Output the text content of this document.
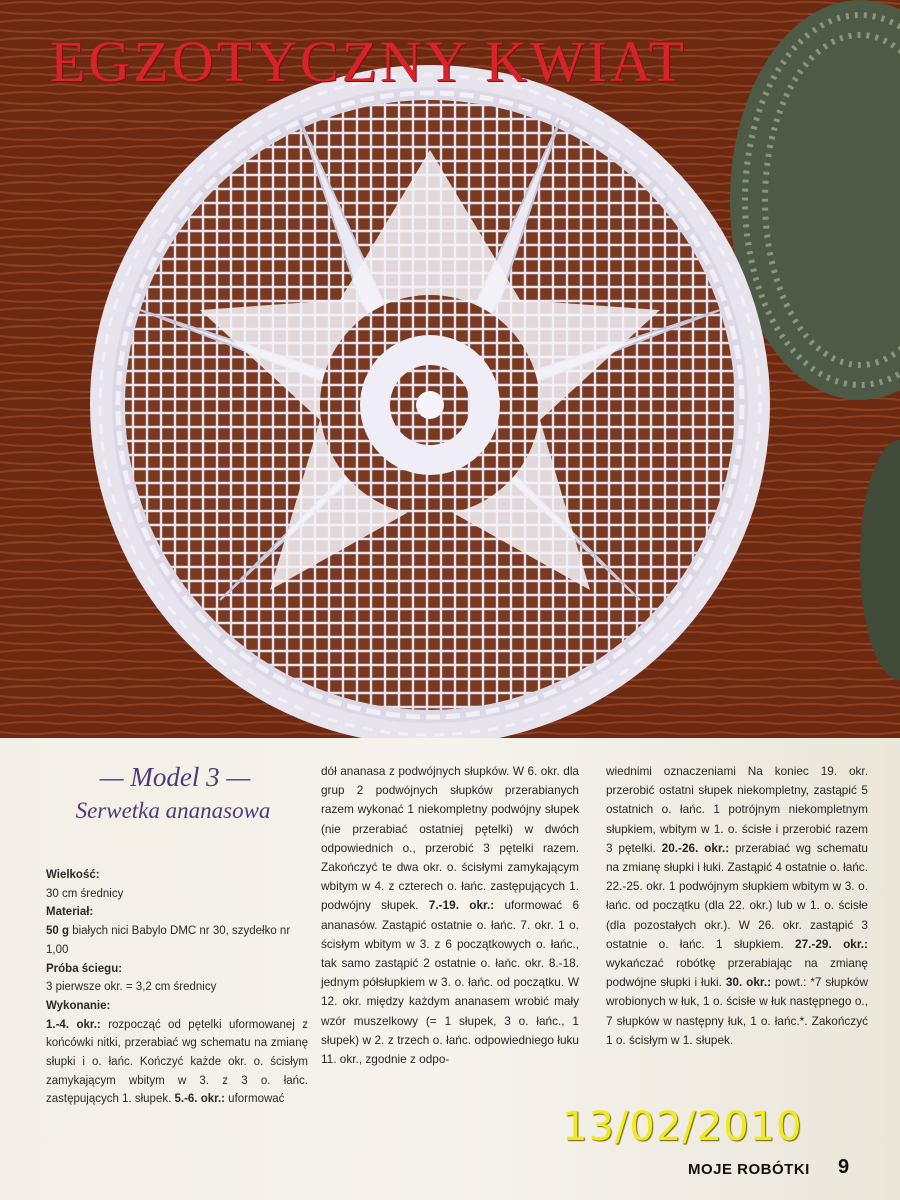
EGZOTYCZNY KWIAT
— Model 3 —
Serwetka ananasowa

Wielkość:

30 cm średnicy

Materiał:

50 g białych nici Babylo DMC nr 30, szydełko nr 1,00

Próba ściegu:

3 pierwsze okr. = 3,2 cm średnicy

Wykonanie:

1.-4. okr.: rozpocząć od pętelki uformowanej z końcówki nitki, przerabiać wg schematu na zmianę słupki i o. łańc. Kończyć każde okr. o. ścisłym zamykającym wbitym w 3. z 3 o. łańc. zastępujących 1. słupek. 5.-6. okr.: uformować

dół ananasa z podwójnych słupków. W 6. okr. dla grup 2 podwójnych słupków przerabianych razem wykonać 1 niekompletny podwójny słupek (nie przerabiać ostatniej pętelki) w dwóch odpowiednich o., przerobić 3 pętelki razem. Zakończyć te dwa okr. o. ścisłymi zamykającym wbitym w 4. z czterech o. łańc. zastępujących 1. podwójny słupek. 7.-19. okr.: uformować 6 ananasów. Zastąpić ostatnie o. łańc. 7. okr. 1 o. ścisłym wbitym w 3. z 6 początkowych o. łańc., tak samo zastąpić 2 ostatnie o. łańc. okr. 8.-18. jednym półsłupkiem w 3. o. łańc. od początku. W 12. okr. między każdym ananasem wrobić mały wzór muszelkowy (= 1 słupek, 3 o. łańc., 1 słupek) w 2. z trzech o. łańc. odpowiedniego łuku 11. okr., zgodnie z odpo-
wiednimi oznaczeniami Na koniec 19. okr. przerobić ostatni słupek niekompletny, zastąpić 5 ostatnich o. łańc. 1 potrójnym niekompletnym słupkiem, wbitym w 1. o. ścisłe i przerobić razem 3 pętelki. 20.-26. okr.: przerabiać wg schematu na zmianę słupki i łuki. Zastąpić 4 ostatnie o. łańc. 22.-25. okr. 1 podwójnym słupkiem wbitym w 3. o. łańc. od początku (dla 22. okr.) lub w 1. o. ścisłe (dla pozostałych okr.). W 26. okr. zastąpić 3 ostatnie o. łańc. 1 słupkiem. 27.-29. okr.: wykańczać robótkę przerabiając na zmianę podwójne słupki i łuki. 30. okr.: powt.: *7 słupków wrobionych w łuk, 1 o. ścisłe w łuk następnego o., 7 słupków w następny łuk, 1 o. łańc.*. Zakończyć 1 o. ścisłym w 1. słupek.
13/02/2010
MOJE ROBÓTKI 9
